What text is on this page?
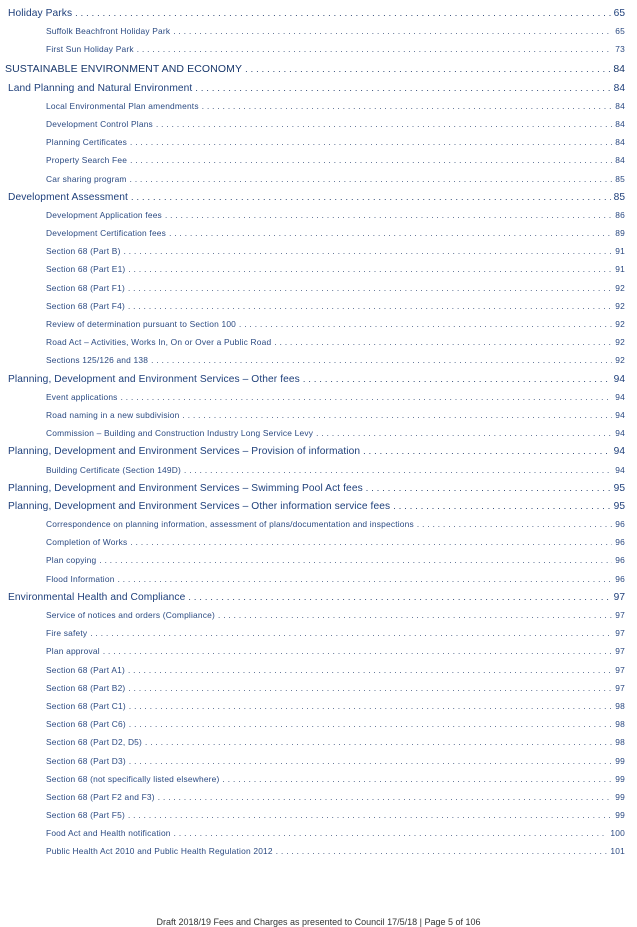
Holiday Parks .....	65
Suffolk Beachfront Holiday Park .....	65
First Sun Holiday Park .....	73
SUSTAINABLE ENVIRONMENT AND ECONOMY .....	84
Land Planning and Natural Environment .....	84
Local Environmental Plan amendments .....	84
Development Control Plans .....	84
Planning Certificates .....	84
Property Search Fee .....	84
Car sharing program .....	85
Development Assessment .....	85
Development Application fees .....	86
Development Certification fees .....	89
Section 68 (Part B) .....	91
Section 68 (Part E1) .....	91
Section 68 (Part F1) .....	92
Section 68 (Part F4) .....	92
Review of determination pursuant to Section 100 .....	92
Road Act – Activities, Works In, On or Over a Public Road .....	92
Sections 125/126 and 138 .....	92
Planning, Development and Environment Services – Other fees .....	94
Event applications .....	94
Road naming in a new subdivision .....	94
Commission – Building and Construction Industry Long Service Levy .....	94
Planning, Development and Environment Services – Provision of information .....	94
Building Certificate (Section 149D) .....	94
Planning, Development and Environment Services – Swimming Pool Act fees .....	95
Planning, Development and Environment Services – Other information service fees .....	95
Correspondence on planning information, assessment of plans/documentation and inspections .....	96
Completion of Works .....	96
Plan copying .....	96
Flood Information .....	96
Environmental Health and Compliance .....	97
Service of notices and orders (Compliance) .....	97
Fire safety .....	97
Plan approval .....	97
Section 68 (Part A1) .....	97
Section 68 (Part B2) .....	97
Section 68 (Part C1) .....	98
Section 68 (Part C6) .....	98
Section 68 (Part D2, D5) .....	98
Section 68 (Part D3) .....	99
Section 68 (not specifically listed elsewhere) .....	99
Section 68 (Part F2 and F3) .....	99
Section 68 (Part F5) .....	99
Food Act and Health notification .....	100
Public Health Act 2010 and Public Health Regulation 2012 .....	101
Draft 2018/19 Fees and Charges as presented to Council 17/5/18 | Page 5 of 106
